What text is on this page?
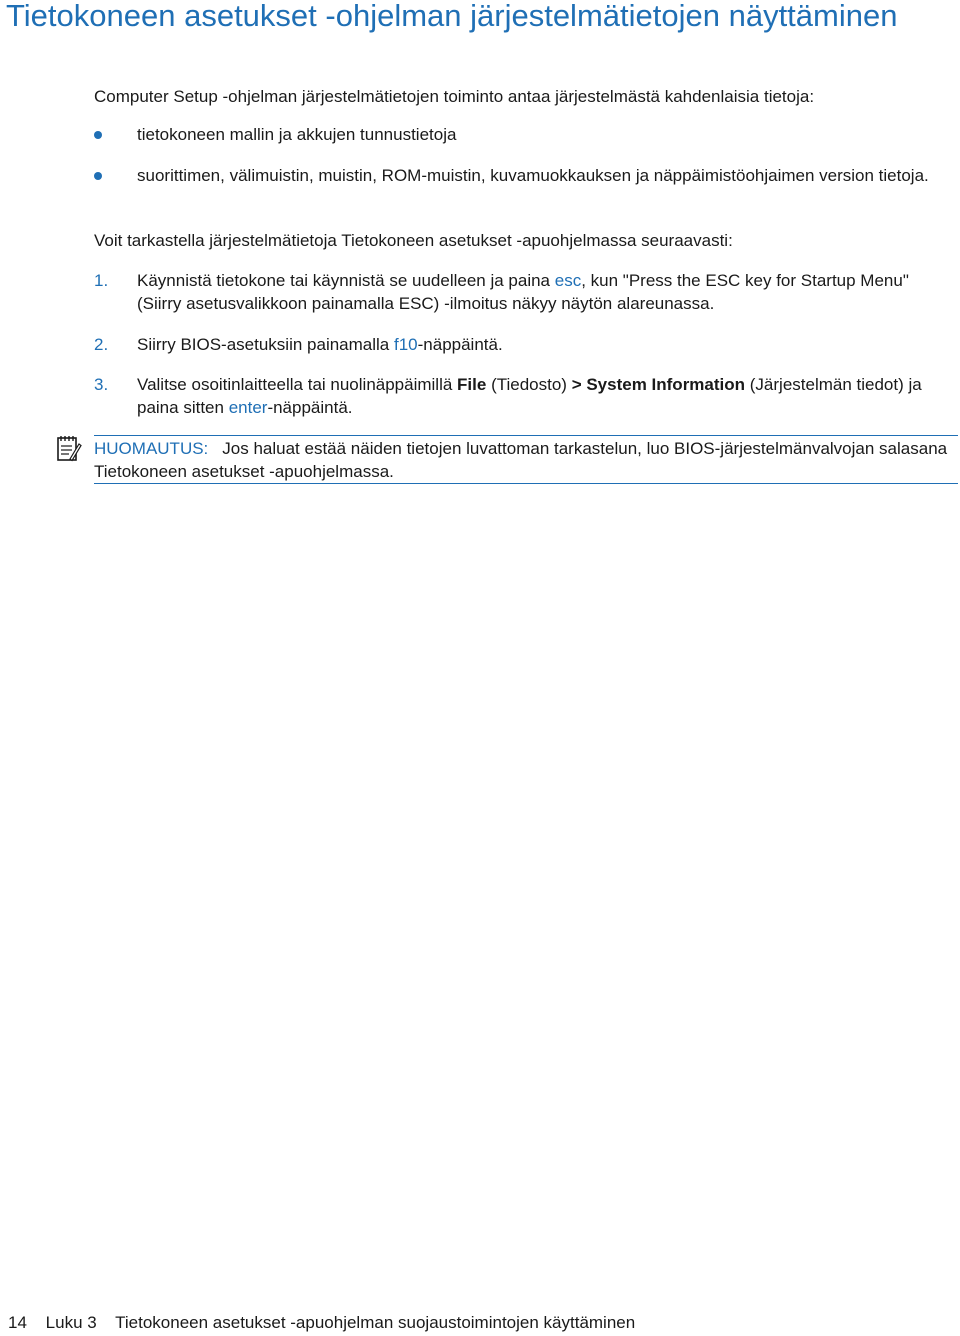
Tietokoneen asetukset -ohjelman järjestelmätietojen näyttäminen

Computer Setup -ohjelman järjestelmätietojen toiminto antaa järjestelmästä kahdenlaisia tietoja:

tietokoneen mallin ja akkujen tunnustietoja
suorittimen, välimuistin, muistin, ROM-muistin, kuvamuokkauksen ja näppäimistöohjaimen version tietoja.

Voit tarkastella järjestelmätietoja Tietokoneen asetukset -apuohjelmassa seuraavasti:

1. Käynnistä tietokone tai käynnistä se uudelleen ja paina esc, kun "Press the ESC key for Startup Menu" (Siirry asetusvalikkoon painamalla ESC) -ilmoitus näkyy näytön alareunassa.
2. Siirry BIOS-asetuksiin painamalla f10-näppäintä.
3. Valitse osoitinlaitteella tai nuolinäppäimillä File (Tiedosto) > System Information (Järjestelmän tiedot) ja paina sitten enter-näppäintä.
HUOMAUTUS: Jos haluat estää näiden tietojen luvattoman tarkastelun, luo BIOS-järjestelmänvalvojan salasana Tietokoneen asetukset -apuohjelmassa.
14 Luku 3 Tietokoneen asetukset -apuohjelman suojaustoimintojen käyttäminen
